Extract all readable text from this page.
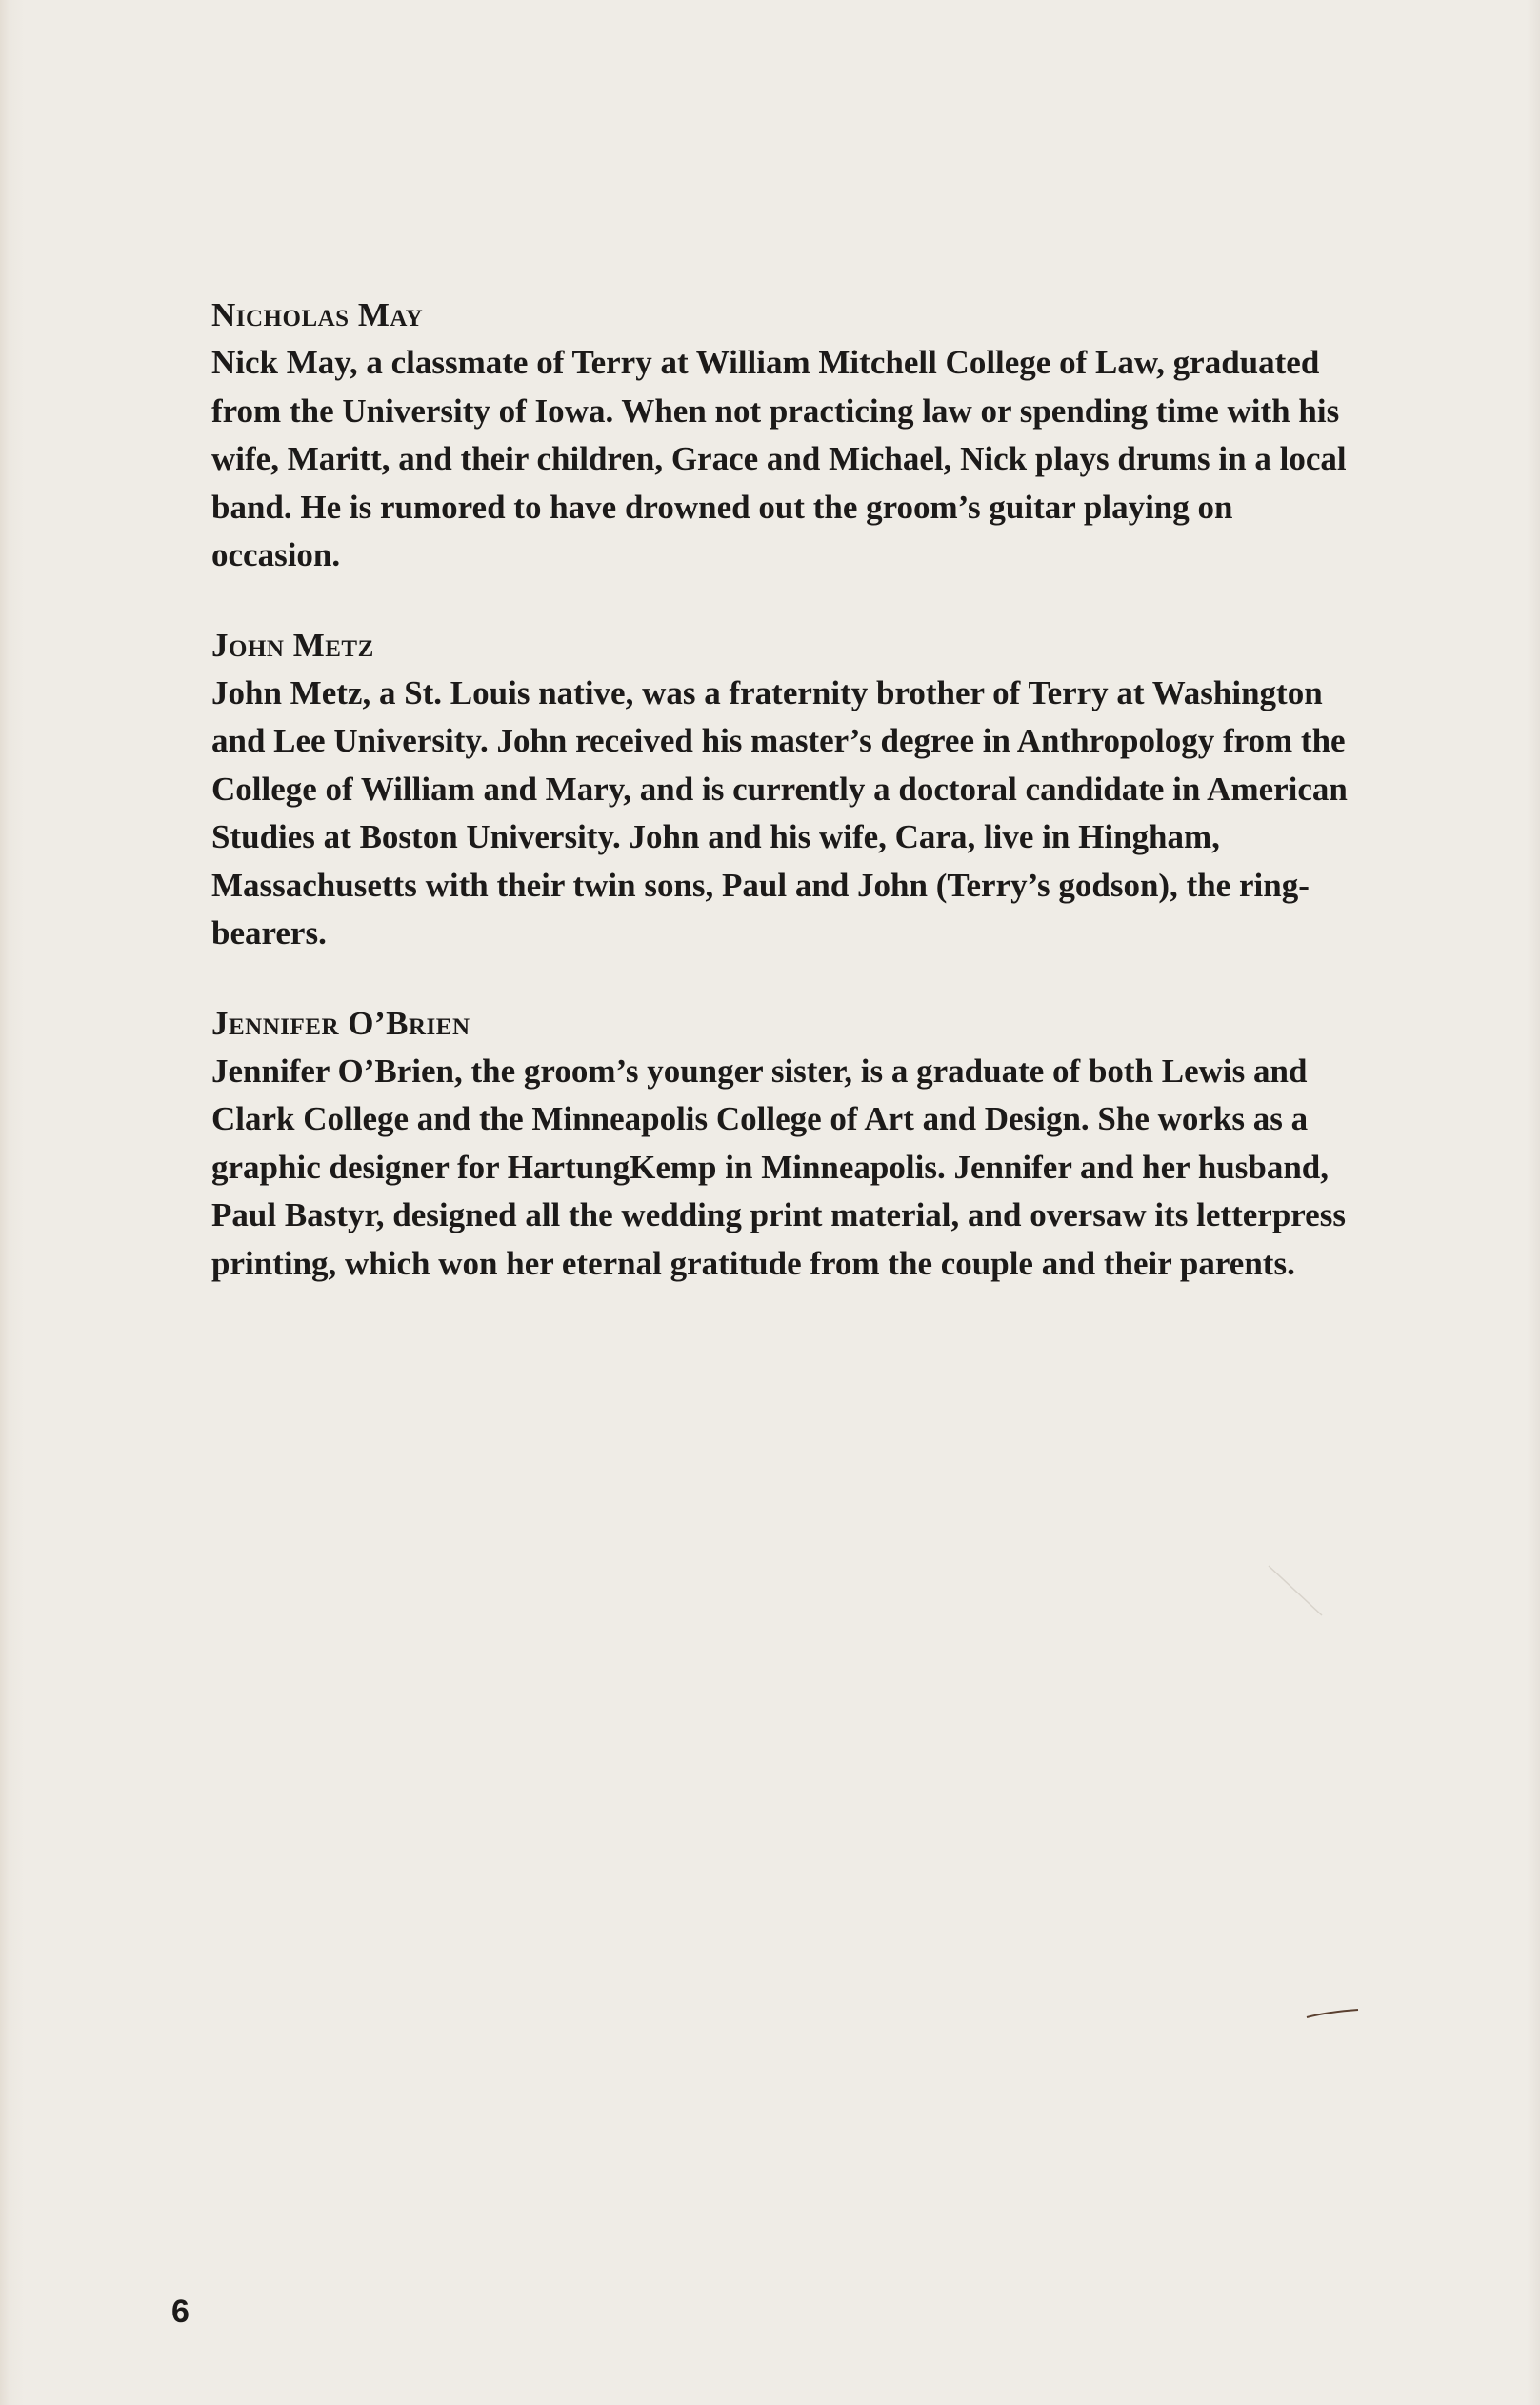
Nicholas May

Nick May, a classmate of Terry at William Mitchell College of Law, graduated from the University of Iowa. When not practicing law or spending time with his wife, Maritt, and their children, Grace and Michael, Nick plays drums in a local band. He is rumored to have drowned out the groom’s guitar playing on occasion.

John Metz

John Metz, a St. Louis native, was a fraternity brother of Terry at Washington and Lee University. John received his master’s degree in Anthropology from the College of William and Mary, and is currently a doctoral candidate in American Studies at Boston University. John and his wife, Cara, live in Hingham, Massachusetts with their twin sons, Paul and John (Terry’s godson), the ring-bearers.

Jennifer O’Brien

Jennifer O’Brien, the groom’s younger sister, is a graduate of both Lewis and Clark College and the Minneapolis College of Art and Design. She works as a graphic designer for HartungKemp in Minneapolis. Jennifer and her husband, Paul Bastyr, designed all the wedding print material, and oversaw its letterpress printing, which won her eternal gratitude from the couple and their parents.

6
